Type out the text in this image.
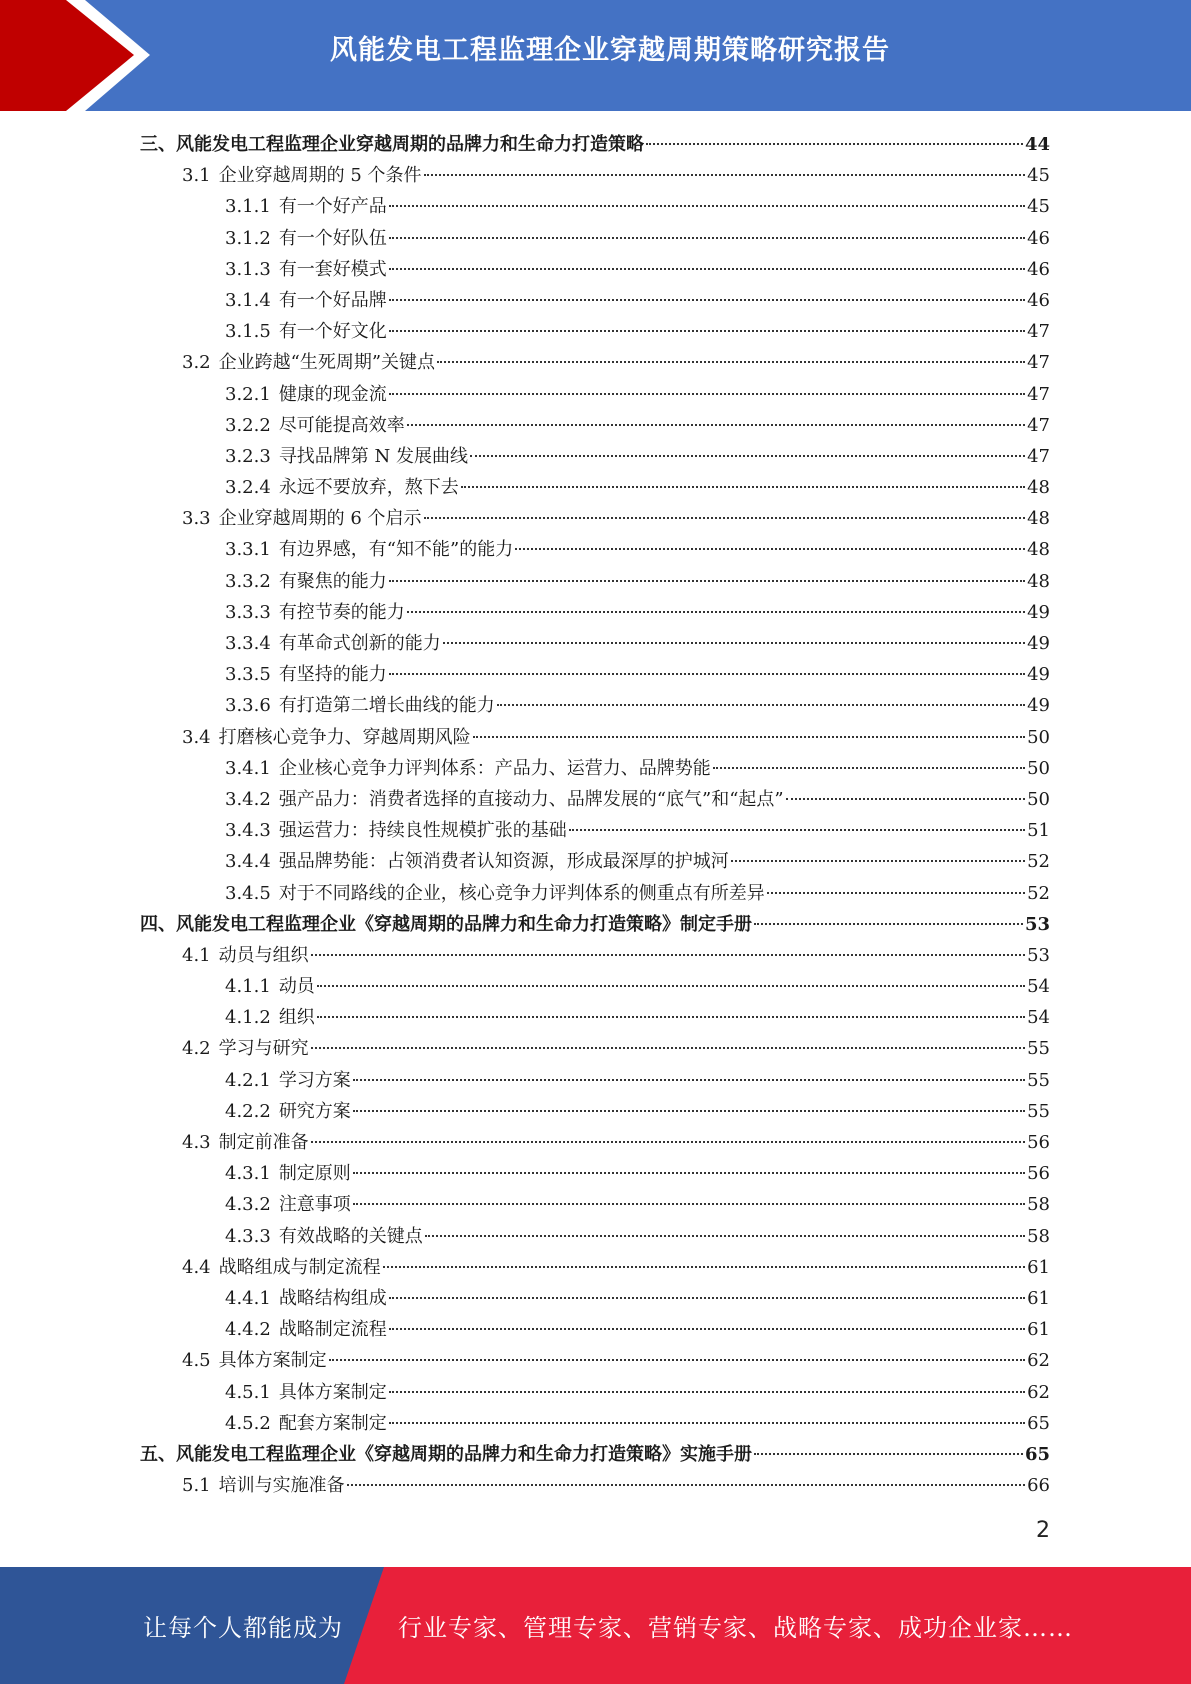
风能发电工程监理企业穿越周期策略研究报告
三、风能发电工程监理企业穿越周期的品牌力和生命力打造策略	44
3.1 企业穿越周期的 5 个条件	45
3.1.1 有一个好产品	45
3.1.2 有一个好队伍	46
3.1.3 有一套好模式	46
3.1.4 有一个好品牌	46
3.1.5 有一个好文化	47
3.2 企业跨越“生死周期”关键点	47
3.2.1 健康的现金流	47
3.2.2 尽可能提高效率	47
3.2.3 寻找品牌第 N 发展曲线	47
3.2.4 永远不要放弃，熬下去	48
3.3 企业穿越周期的 6 个启示	48
3.3.1 有边界感，有“知不能”的能力	48
3.3.2 有聚焦的能力	48
3.3.3 有控节奏的能力	49
3.3.4 有革命式创新的能力	49
3.3.5 有坚持的能力	49
3.3.6 有打造第二增长曲线的能力	49
3.4 打磨核心竞争力、穿越周期风险	50
3.4.1 企业核心竞争力评判体系：产品力、运营力、品牌势能	50
3.4.2 强产品力：消费者选择的直接动力、品牌发展的“底气”和“起点”	50
3.4.3 强运营力：持续良性规模扩张的基础	51
3.4.4 强品牌势能：占领消费者认知资源，形成最深厚的护城河	52
3.4.5 对于不同路线的企业，核心竞争力评判体系的侧重点有所差异	52
四、风能发电工程监理企业《穿越周期的品牌力和生命力打造策略》制定手册	53
4.1 动员与组织	53
4.1.1 动员	54
4.1.2 组织	54
4.2 学习与研究	55
4.2.1 学习方案	55
4.2.2 研究方案	55
4.3 制定前准备	56
4.3.1 制定原则	56
4.3.2 注意事项	58
4.3.3 有效战略的关键点	58
4.4 战略组成与制定流程	61
4.4.1 战略结构组成	61
4.4.2 战略制定流程	61
4.5 具体方案制定	62
4.5.1 具体方案制定	62
4.5.2 配套方案制定	65
五、风能发电工程监理企业《穿越周期的品牌力和生命力打造策略》实施手册	65
5.1 培训与实施准备	66
2
让每个人都能成为 行业专家、管理专家、营销专家、战略专家、成功企业家……
